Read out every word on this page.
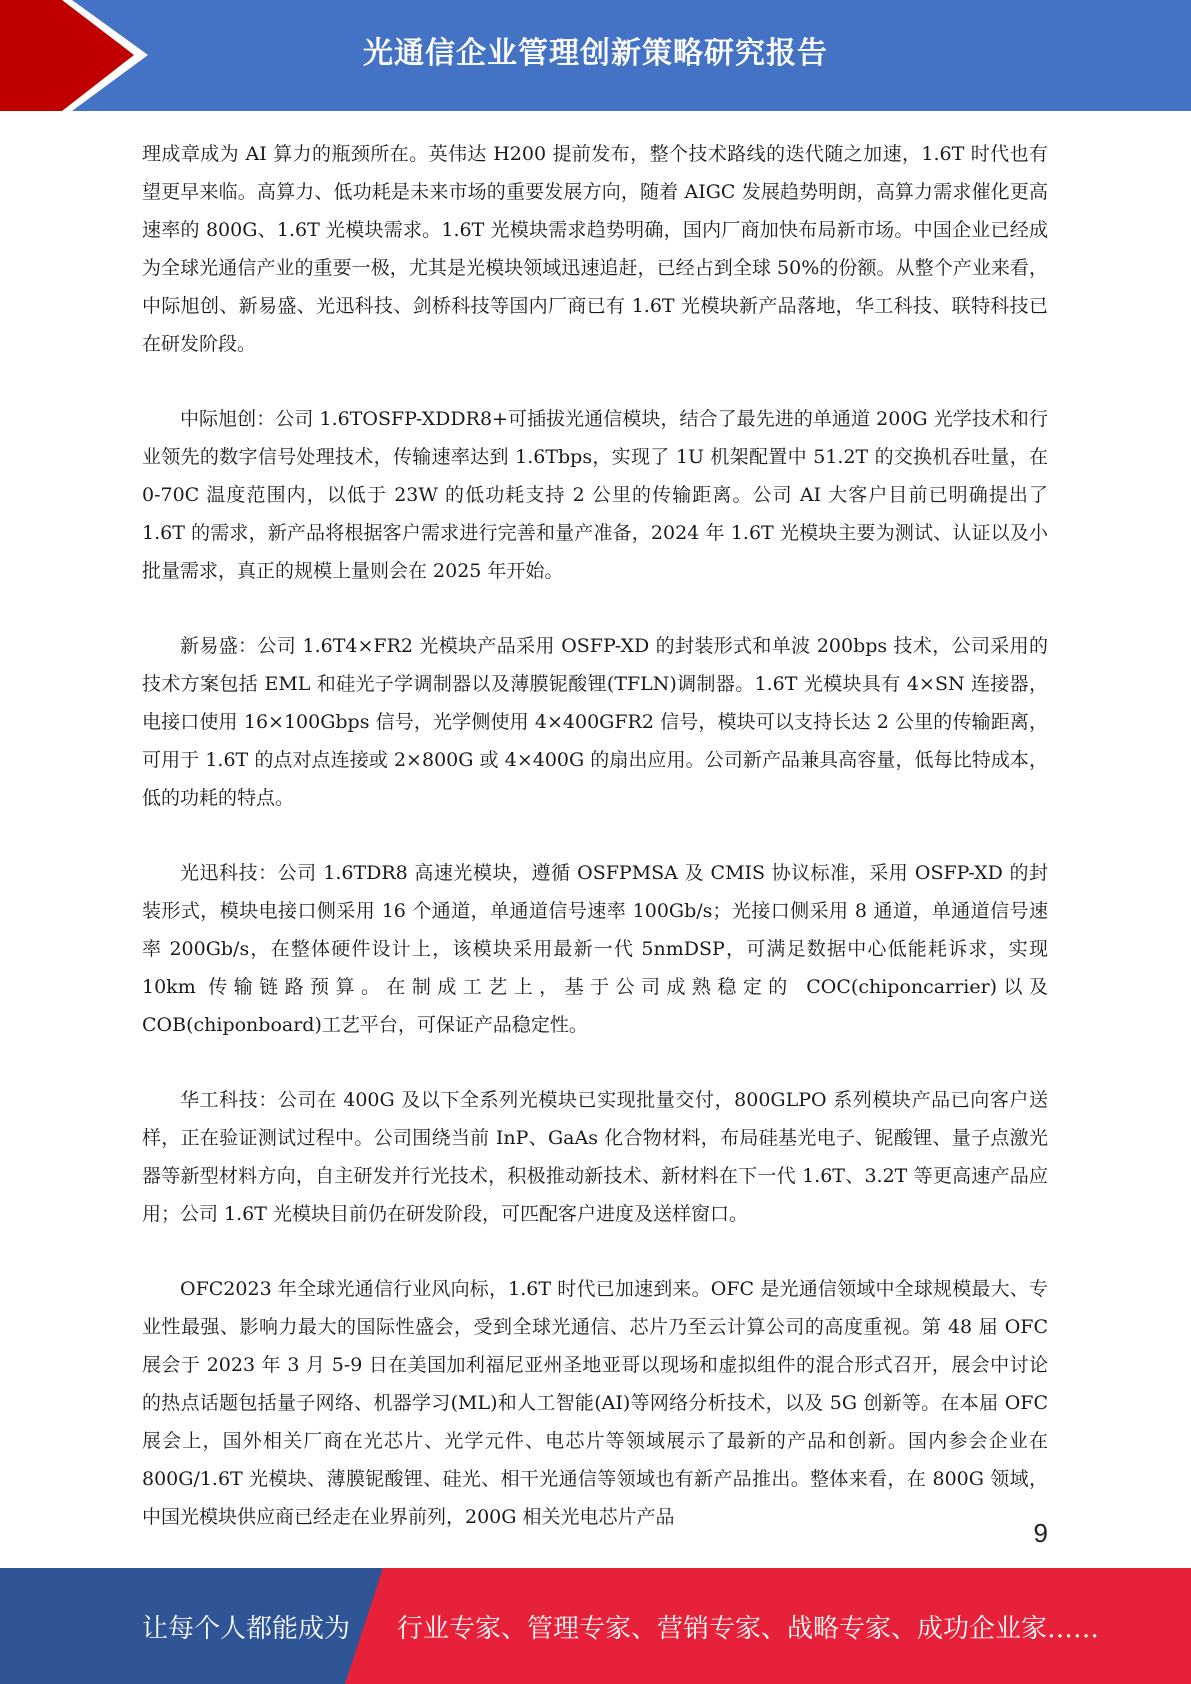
光通信企业管理创新策略研究报告

理成章成为 AI 算力的瓶颈所在。英伟达 H200 提前发布，整个技术路线的迭代随之加速，1.6T 时代也有望更早来临。高算力、低功耗是未来市场的重要发展方向，随着 AIGC 发展趋势明朗，高算力需求催化更高速率的 800G、1.6T 光模块需求。1.6T 光模块需求趋势明确，国内厂商加快布局新市场。中国企业已经成为全球光通信产业的重要一极，尤其是光模块领域迅速追赶，已经占到全球 50%的份额。从整个产业来看，中际旭创、新易盛、光迅科技、剑桥科技等国内厂商已有 1.6T 光模块新产品落地，华工科技、联特科技已在研发阶段。

中际旭创：公司 1.6TOSFP-XDDR8+可插拔光通信模块，结合了最先进的单通道 200G 光学技术和行业领先的数字信号处理技术，传输速率达到 1.6Tbps，实现了 1U 机架配置中 51.2T 的交换机吞吐量，在 0-70C 温度范围内，以低于 23W 的低功耗支持 2 公里的传输距离。公司 AI 大客户目前已明确提出了 1.6T 的需求，新产品将根据客户需求进行完善和量产准备，2024 年 1.6T 光模块主要为测试、认证以及小批量需求，真正的规模上量则会在 2025 年开始。

新易盛：公司 1.6T4×FR2 光模块产品采用 OSFP-XD 的封装形式和单波 200bps 技术，公司采用的技术方案包括 EML 和硅光子学调制器以及薄膜铌酸锂(TFLN)调制器。1.6T 光模块具有 4×SN 连接器，电接口使用 16×100Gbps 信号，光学侧使用 4×400GFR2 信号，模块可以支持长达 2 公里的传输距离，可用于 1.6T 的点对点连接或 2×800G 或 4×400G 的扇出应用。公司新产品兼具高容量，低每比特成本，低的功耗的特点。

光迅科技：公司 1.6TDR8 高速光模块，遵循 OSFPMSA 及 CMIS 协议标准，采用 OSFP-XD 的封装形式，模块电接口侧采用 16 个通道，单通道信号速率 100Gb/s；光接口侧采用 8 通道，单通道信号速率 200Gb/s，在整体硬件设计上，该模块采用最新一代 5nmDSP，可满足数据中心低能耗诉求，实现 10km 传输链路预算。在制成工艺上，基于公司成熟稳定的 COC(chiponcarrier)以及 COB(chiponboard)工艺平台，可保证产品稳定性。

华工科技：公司在 400G 及以下全系列光模块已实现批量交付，800GLPO 系列模块产品已向客户送样，正在验证测试过程中。公司围绕当前 InP、GaAs 化合物材料，布局硅基光电子、铌酸锂、量子点激光器等新型材料方向，自主研发并行光技术，积极推动新技术、新材料在下一代 1.6T、3.2T 等更高速产品应用；公司 1.6T 光模块目前仍在研发阶段，可匹配客户进度及送样窗口。

OFC2023 年全球光通信行业风向标，1.6T 时代已加速到来。OFC 是光通信领域中全球规模最大、专业性最强、影响力最大的国际性盛会，受到全球光通信、芯片乃至云计算公司的高度重视。第 48 届 OFC 展会于 2023 年 3 月 5-9 日在美国加利福尼亚州圣地亚哥以现场和虚拟组件的混合形式召开，展会中讨论的热点话题包括量子网络、机器学习(ML)和人工智能(AI)等网络分析技术，以及 5G 创新等。在本届 OFC 展会上，国外相关厂商在光芯片、光学元件、电芯片等领域展示了最新的产品和创新。国内参会企业在 800G/1.6T 光模块、薄膜铌酸锂、硅光、相干光通信等领域也有新产品推出。整体来看，在 800G 领域，中国光模块供应商已经走在业界前列，200G 相关光电芯片产品

9
让每个人都能成为 行业专家、管理专家、营销专家、战略专家、成功企业家……
